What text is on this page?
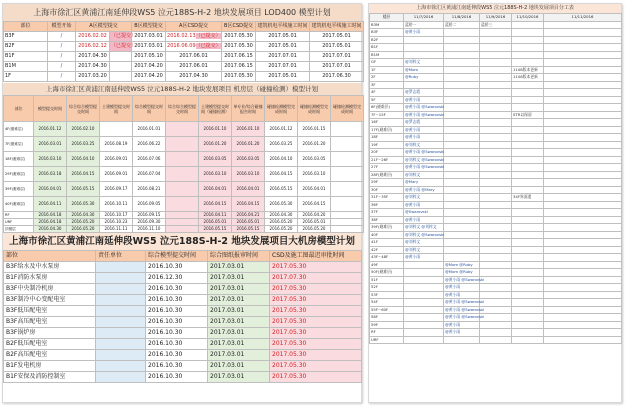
上海市徐汇区黄浦江南延伸段WS5 泣元188S-H-2 地块发展项目 LOD400 模型计划
部位	模型开始	A区模型提交		B区模型提交	A区CSD提交	B区CSD提交	建筑机电平线施工时间	建筑机电平线施工时间
B3F	/	2016.02.02	（已提交）	2017.03.01	2016.02.13（已提交）	2017.05.30	2017.05.01	2017.05.01
B2F	/	2016.02.12	（已提交）	2017.03.01	2016.06.09（已提交）	2017.05.30	2017.05.01	2017.05.01
B1F	/	2017.04.30		2017.05.10	2017.06.01	2017.06.15	2017.07.01	2017.07.01
B1M	/	2017.04.30		2017.04.20	2017.06.01	2017.06.15	2017.07.01	2017.07.01
1F	/	2017.03.20		2017.04.20	2017.04.30	2017.05.30	2017.05.01	2017.06.30
上海市徐汇区黄浦江南延伸段WS5 泣元188S-H-2 地块发展项目 机房层（碰撞检测）模型计划
部位	模型提交时间	综合综合模型提交时间	土建模型提交时间	综合模型提交时间	综合综合模型提交时间	土建模型提交时间（碰撞检测）	单专业/综合碰撞报告时间	碰撞检测模型完成时间	碰撞检测模型完成时间	碰撞检测模型完成时间
4F(避难层)	2016.01.12	2016.02.10		2016.01.01		2016.01.10	2016.01.10	2016.01.12	2016.01.15	
7F(避难层)	2016.03.01	2016.03.25	2016.08.19	2016.06.22		2016.01.20	2016.01.20	2016.03.25	2016.01.20	
18F(避难层)	2016.03.10	2016.04.10	2016.09.01	2016.07.06		2016.03.05	2016.03.05	2016.04.10	2016.03.05	
29F(避难层)	2016.03.18	2016.04.15	2016.09.01	2016.07.04		2016.03.10	2016.03.10	2016.04.15	2016.03.10	
39F(避难层)	2016.04.01	2016.05.15	2016.09.17	2016.08.21		2016.04.01	2016.04.01	2016.05.15	2016.04.01	
40F(避难层)	2016.04.11	2016.05.30	2016.10.11	2016.09.05		2016.04.15	2016.04.15	2016.05.30	2016.04.15	
RF	2016.04.18	2016.04.30	2016.10.17	2016.09.15		2016.04.11	2016.04.21	2016.04.30	2016.04.20	
URF	2016.04.18	2016.05.20	2016.10.23	2016.09.30		2016.05.01	2016.05.01	2016.05.20	2016.05.01	
顶楼层	2016.04.30	2016.05.20	2016.11.11	2016.11.10		2016.05.15	2016.05.15	2016.05.20	2016.05.20	
上海市徐汇区黄浦江南延伸段WS5 泣元188S-H-2 地块发展项目大机房模型计划
部位	责任单位	综合模型提交时间	综合图纸报审时间	CSD及施工图最迟审批时间
B3F给水及中水泵房		2016.10.30	2017.03.01	2017.05.30
B1F消防水泵房		2016.12.30	2017.03.01	2017.07.30
B3F中央制冷机房		2016.10.30	2017.03.01	2017.05.30
B3F制冷中心变配电室		2016.10.30	2017.03.01	2017.05.30
B3F低压配电室		2016.10.30	2017.03.01	2017.05.30
B3F高压配电室		2016.10.30	2017.03.01	2017.05.30
B3F锅炉房		2016.10.30	2017.03.01	2017.05.30
B2F低压配电室		2016.10.30	2017.03.01	2017.05.30
B2F高压配电室		2016.10.30	2017.03.01	2017.05.30
B1F发电机房		2016.10.30	2017.03.01	2017.05.30
B1F安保及消防控制室		2016.10.30	2017.03.01	2017.05.30
上海市徐汇区黄浦江南延伸段WS5 泣元188S-H-2 地块发展项目分工表
楼层	11/7/2016	11/8/2016	11/9/2016	11/10/2016	11/11/2016
B3M	蓝桥一	蓝桥二	蓝桥三		
B3F	@黄小雨				
B2F					
B1F					
B1M					
GF	@刘梓文				
1F	@Mom			1108版本更新	
2F	@Ruby			1108版本更新	
3F					
4F	@罗志霞				
5F	@黄小雨				
6F(避难层)	@黄小雨 @Swarovski				
7F~15F	@黄小雨 @Swarovski			STR以保留	
16F	@罗志霞				
17F(避难层)	@黄小雨				
18F	@黄小雨				
19F	@刘梓文				
20F	@黄小雨 @Swarovski				
21F~26F	@刘梓文 @Swarovski				
27F	@黄小雨 @Swarovski				
28F(避难层)	@刘梓文				
29F	@Mary				
30F	@黄小雨 @Mary				
31F~35F	@刘梓文			34F界面遗	
36F	@黄小雨				
37F	@Swarovski				
38F	@黄小雨				
39F(避难层)	@刘梓文 @刘梓文				
40F	@刘梓文 @Swarovski				
41F	@刘梓文				
42F	@刘梓文				
43F~48F	@黄小雨				
49F		@Mom @Ruby			
50F(避难层)		@Mom @Ruby			
51F		@黄小雨 @Swarovski			
52F		@黄小雨			
53F		@黄小雨			
54F		@黄小雨 @Swarovski			
55F~60F		@黄小雨 @Swarovski			
58F		@黄小雨 @Swarovski			
59F		@黄小雨			
RF		@黄小雨			
URF					
